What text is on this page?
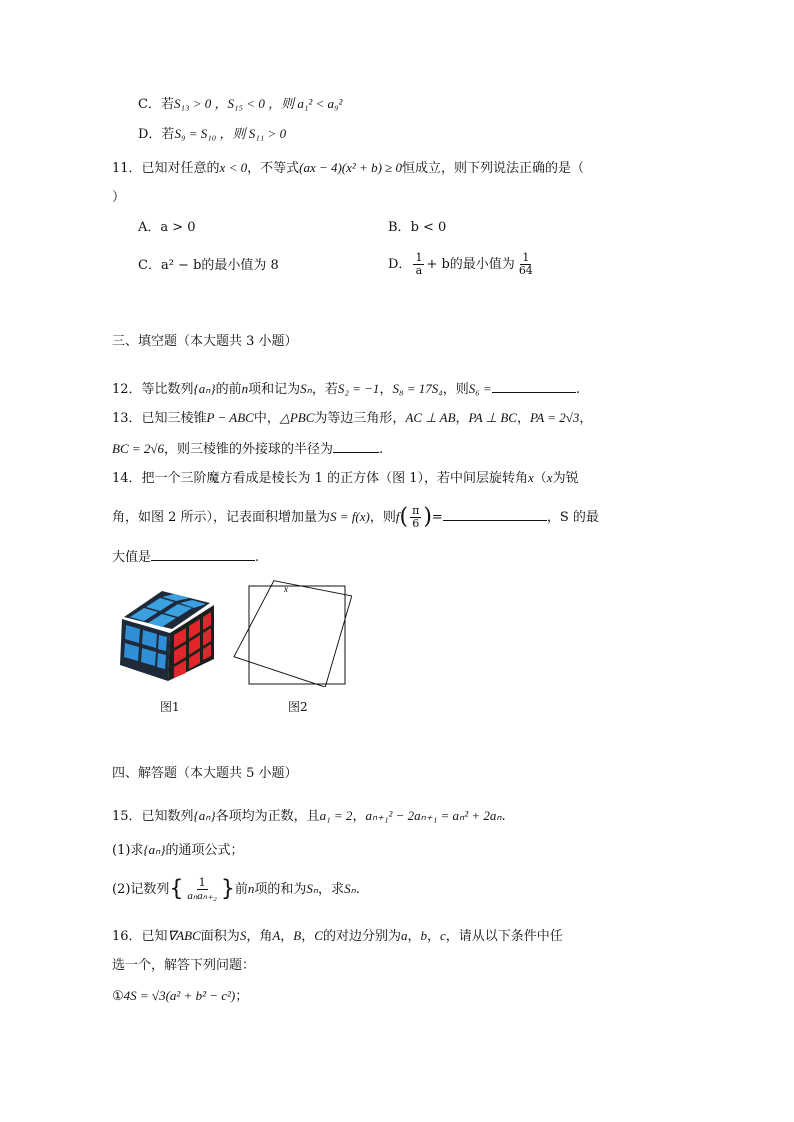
C．若S₁₃ > 0 ，S₁₅ < 0 ，则 a₁² < a₉²
D．若S₉ = S₁₀ ，则 S₁₁ > 0
11．已知对任意的x < 0，不等式(ax − 4)(x² + b) ≥ 0恒成立，则下列说法正确的是（
）
A．a > 0	B．b < 0
C．a² − b的最小值为 8	D． $\frac{1}{a} + b$的最小值为 $\frac{1}{64}$
三、填空题（本大题共 3 小题）
12．等比数列{aₙ}的前n项和记为Sₙ，若S₂ = −1，S₈ = 17S₄，则S₆ =	.
13．已知三棱锥P − ABC中，△PBC为等边三角形，AC ⊥ AB，PA ⊥ BC，PA = 2√3，
BC = 2√6，则三棱锥的外接球的半径为	.
14．把一个三阶魔方看成是棱长为 1 的正方体（图 1），若中间层旋转角x（x为锐
角，如图 2 所示），记表面积增加量为S = f(x)，则$f( \frac{\pi}{6}$ )=	，S 的最
大值是	.
x
图1	图2
四、解答题（本大题共 5 小题）
15．已知数列{aₙ}各项均为正数，且a₁ = 2，aₙ₊₁² − 2aₙ₊₁ = aₙ² + 2aₙ.
(1)求{aₙ}的通项公式；
(2)记数列{ $\frac{1}{\text{aₙaₙ₊₂}}$ }前n项的和为Sₙ，求Sₙ.
16．已知∇ABC面积为S，角A，B，C的对边分别为a，b，c，请从以下条件中任
选一个，解答下列问题：
①4S = √3(a² + b² − c²)；
